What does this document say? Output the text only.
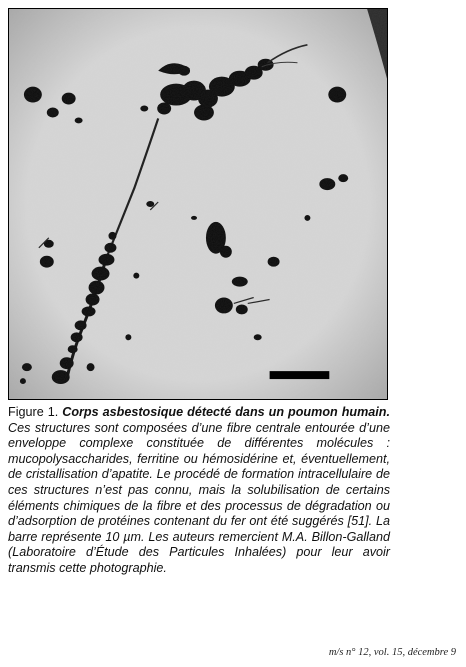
Figure 1. Corps asbestosique détecté dans un poumon humain. Ces structures sont composées d’une fibre centrale entourée d’une enveloppe complexe constituée de différentes molécules : mucopolysaccharides, ferritine ou hémosidérine et, éventuellement, de cristallisation d’apatite. Le procédé de formation intracellulaire de ces structures n’est pas connu, mais la solubilisation de certains éléments chimiques de la fibre et des processus de dégradation ou d’adsorption de protéines contenant du fer ont été suggérés [51]. La barre représente 10 µm. Les auteurs remercient M.A. Billon-Galland (Laboratoire d’Étude des Particules Inhalées) pour leur avoir transmis cette photographie.
m/s n° 12, vol. 15, décembre 9
